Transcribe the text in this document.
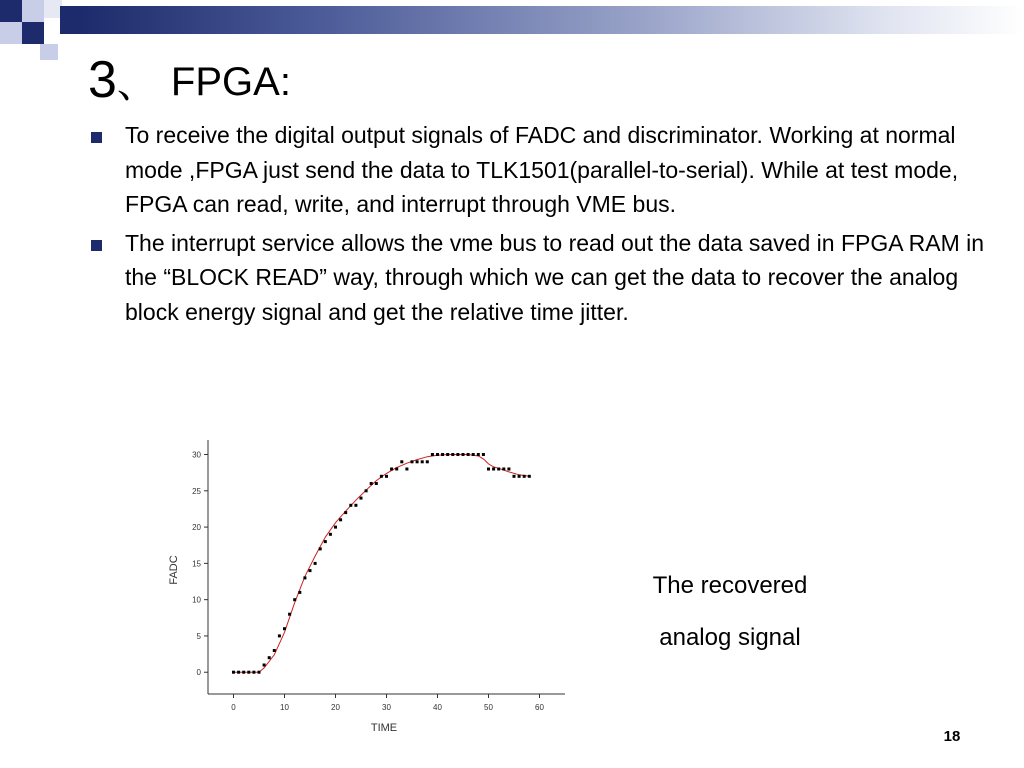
3、 FPGA:
To receive the digital output signals of FADC and discriminator. Working at normal mode ,FPGA just send the data to TLK1501(parallel-to-serial). While at test mode, FPGA can read, write, and interrupt through VME bus.
The interrupt service allows the vme bus to read out the data saved in FPGA RAM in the “BLOCK READ” way, through which we can get the data to recover the analog block energy signal and get the relative time jitter.
0
5
10
15
20
25
30
0	10	20	30	40	50	60
FADC
TIME
The recovered
analog signal
18
